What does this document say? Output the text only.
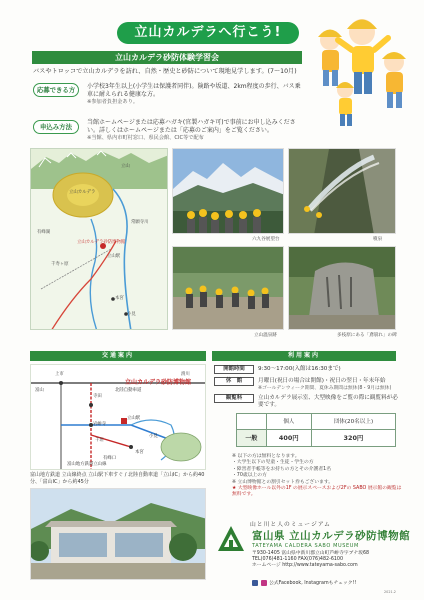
立山カルデラへ行こう!
立山カルデラ砂防体験学習会
バスやトロッコで立山カルデラを訪れ、自然・歴史と砂防について現地見学します。(7～10月)
応募できる方	小学校3年生以上(小学生は保護者同伴)。険路や坂道、2km程度の歩行、バス乗車に耐えられる健康な方。
※参加者負担金あり。
申込み方法
当館ホームページまたは応募ハガキ(官製ハガキ可)で事前にお申し込みください。詳しくはホームページまたは「応募のご案内」をご覧ください。
※当館、県内市町村窓口、県民会館、CIC等で配布
立山
立山カルデラ
常願寺川
立山カルデラ砂防博物館
立山駅
千寿ヶ原
有峰湖
本宮
小見
六九谷展望台	噴泉
立山温泉跡	多枝原にある「鳶崩れ」の碑
交通案内	利用案内
上市
寺田
富山
滑川
岩峅寺
千垣
本宮
立山駅
有峰口
小見
富山地方鉄道立山線
北陸自動車道
立山カルデラ砂防博物館
富山地方鉄道 立山線終点 立山駅下車すぐ / 北陸自動車道「立山IC」から約40分、「富山IC」から約45分
開館時間	9:30～17:00(入館は16:30まで)
休　館	月曜日(祝日の場合は開館)・祝日の翌日・年末年始
※ゴールデンウィーク期間、夏休み期間は無休(8・9月は無休)
観覧料	立山カルデラ展示室、大型映像をご覧の際に観覧料が必要です。
	個人	団体(20名以上)
一般	400円	320円
※ 以下の方は無料となります。
・大学生以下の児童・生徒・学生の方
・障害者手帳等をお持ちの方とその介護者1名
・70歳以上の方
※ 立山博物館との割引セット券もございます。
★ 大型映像ホール以外の1F の展示スペースおよび2Fの SABO 展示館の観覧は無料です。
山と川と人のミュージアム
富山県 立山カルデラ砂防博物館
TATEYAMA CALDERA SABO MUSEUM
〒930-1405 富山県中新川郡立山町芦峅寺字ブナ坂68
TEL(076)481-1160 FAX(076)482-6100
ホームページ http://www.tateyama-sabo.com
公式Facebook, Instagramもチェック!!
2021.2
